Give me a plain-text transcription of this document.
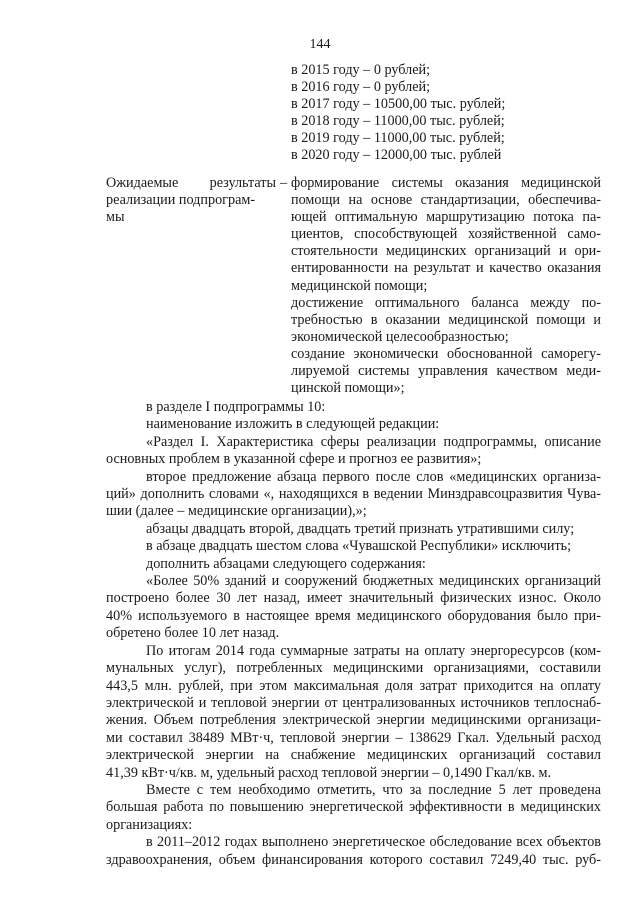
144
в 2015 году – 0 рублей;
в 2016 году – 0 рублей;
в 2017 году – 10500,00 тыс. рублей;
в 2018 году – 11000,00 тыс. рублей;
в 2019 году – 11000,00 тыс. рублей;
в 2020 году – 12000,00 тыс. рублей
Ожидаемые результаты
реализации подпрограм-
мы
– формирование системы оказания медицинской
помощи на основе стандартизации, обеспечива-
ющей оптимальную маршрутизацию потока па-
циентов, способствующей хозяйственной само-
стоятельности медицинских организаций и ори-
ентированности на результат и качество оказания
медицинской помощи;
достижение оптимального баланса между по-
требностью в оказании медицинской помощи и
экономической целесообразностью;
создание экономически обоснованной саморегу-
лируемой системы управления качеством меди-
цинской помощи»;
в разделе I подпрограммы 10:
наименование изложить в следующей редакции:
«Раздел I. Характеристика сферы реализации подпрограммы, описание
основных проблем в указанной сфере и прогноз ее развития»;
второе предложение абзаца первого после слов «медицинских организа-
ций» дополнить словами «, находящихся в ведении Минздравсоцразвития Чува-
шии (далее – медицинские организации),»;
абзацы двадцать второй, двадцать третий признать утратившими силу;
в абзаце двадцать шестом слова «Чувашской Республики» исключить;
дополнить абзацами следующего содержания:
«Более 50% зданий и сооружений бюджетных медицинских организаций
построено более 30 лет назад, имеет значительный физических износ. Около
40% используемого в настоящее время медицинского оборудования было при-
обретено более 10 лет назад.
По итогам 2014 года суммарные затраты на оплату энергоресурсов (ком-
мунальных услуг), потребленных медицинскими организациями, составили
443,5 млн. рублей, при этом максимальная доля затрат приходится на оплату
электрической и тепловой энергии от централизованных источников теплоснаб-
жения. Объем потребления электрической энергии медицинскими организаци-
ми составил 38489 МВт·ч, тепловой энергии – 138629 Гкал. Удельный расход
электрической энергии на снабжение медицинских организаций составил
41,39 кВт·ч/кв. м, удельный расход тепловой энергии – 0,1490 Гкал/кв. м.
Вместе с тем необходимо отметить, что за последние 5 лет проведена
большая работа по повышению энергетической эффективности в медицинских
организациях:
в 2011–2012 годах выполнено энергетическое обследование всех объектов
здравоохранения, объем финансирования которого составил 7249,40 тыс. руб-
